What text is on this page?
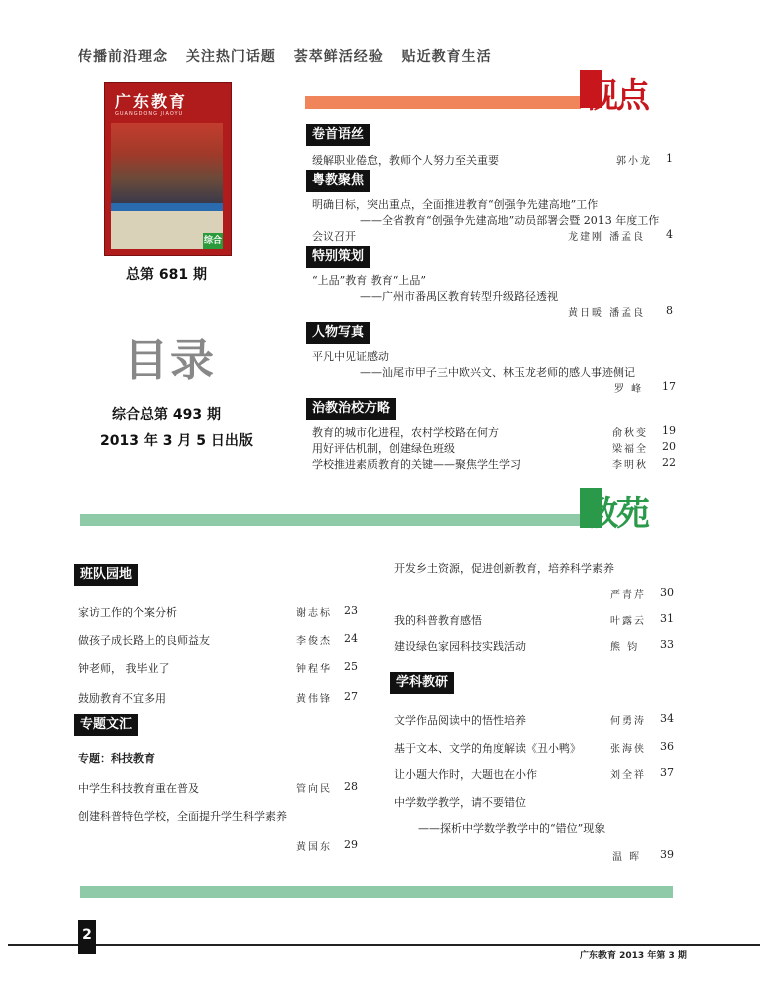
传播前沿理念 关注热门话题 荟萃鲜活经验 贴近教育生活
广东教育
GUANGDONG JIAOYU
综合
总第 681 期
目录
综合总第 493 期
2013 年 3 月 5 日出版
视点
教苑
卷首语丝
缓解职业倦怠，教师个人努力至关重要	郭小龙 1
粤教聚焦
明确目标，突出重点，全面推进教育“创强争先建高地”工作
——全省教育“创强争先建高地”动员部署会暨 2013 年度工作
会议召开	龙建刚 潘孟良 4
特别策划
“上品”教育 教育“上品”
——广州市番禺区教育转型升级路径透视
黄日暖 潘孟良 8
人物写真
平凡中见证感动
——汕尾市甲子三中欧兴文、林玉龙老师的感人事迹侧记
罗 峰 17
治教治校方略
教育的城市化进程，农村学校路在何方	俞秋变 19
用好评估机制，创建绿色班级	梁福全 20
学校推进素质教育的关键——聚焦学生学习	李明秋 22
班队园地
家访工作的个案分析	谢志标 23
做孩子成长路上的良师益友	李俊杰 24
钟老师， 我毕业了	钟程华 25
鼓励教育不宜多用	黄伟锋 27
专题文汇
专题：科技教育
中学生科技教育重在普及	管向民 28
创建科普特色学校，全面提升学生科学素养
黄国东 29
开发乡土资源，促进创新教育，培养科学素养
严青芹 30
我的科普教育感悟	叶露云 31
建设绿色家园科技实践活动	熊 钧 33
学科教研
文学作品阅读中的悟性培养	何勇涛 34
基于文本、文学的角度解读《丑小鸭》	张海侠 36
让小题大作时，大题也在小作	刘全祥 37
中学数学教学，请不要错位
——探析中学数学教学中的“错位”现象
温 晖 39
2
广东教育 2013 年第 3 期
